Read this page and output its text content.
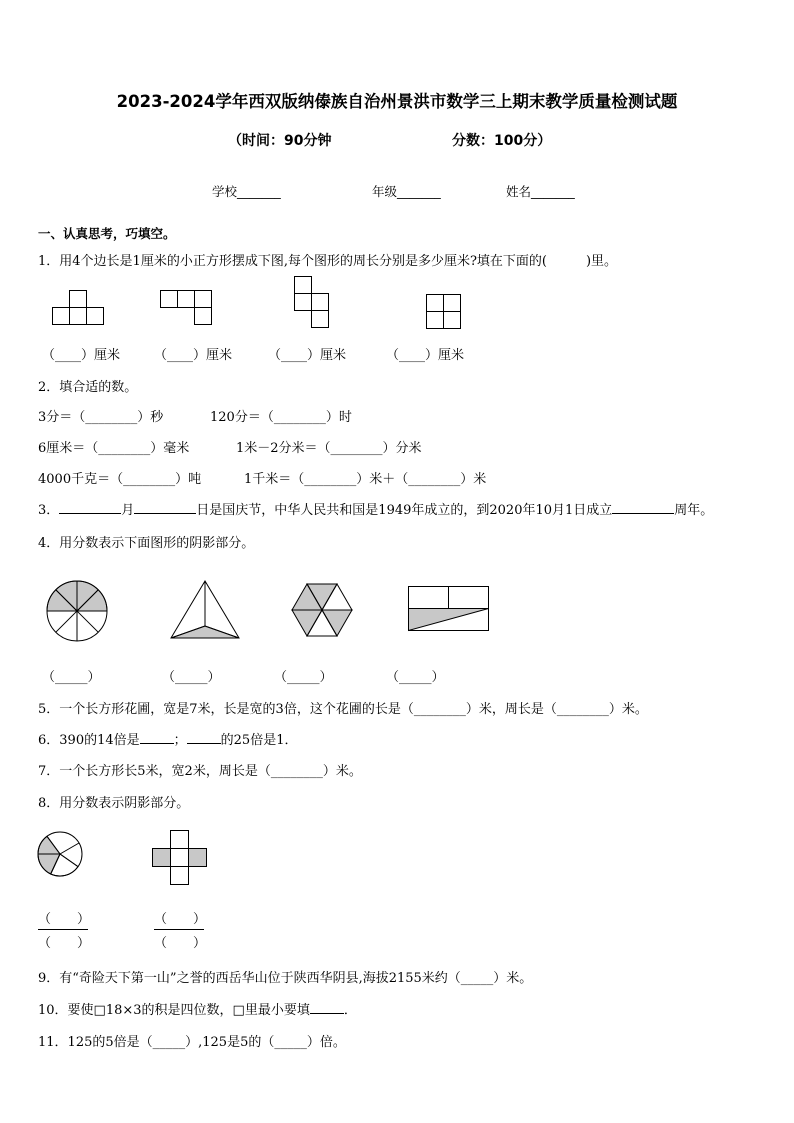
2023-2024学年西双版纳傣族自治州景洪市数学三上期末教学质量检测试题
（时间：90分钟	分数：100分）
学校_______	年级_______	姓名_______
一、认真思考，巧填空。
1．用4个边长是1厘米的小正方形摆成下图,每个图形的周长分别是多少厘米?填在下面的(　　　)里。
（____）厘米	（____）厘米	（____）厘米	（____）厘米
2．填合适的数。
3分＝（________）秒	120分＝（________）时
6厘米＝（________）毫米	1米－2分米＝（________）分米
4000千克＝（________）吨	1千米＝（________）米＋（________）米
3．	月	日是国庆节，中华人民共和国是1949年成立的，到2020年10月1日成立	周年。
4．用分数表示下面图形的阴影部分。
（_____）	（_____）	（_____）	（_____）
5．一个长方形花圃，宽是7米，长是宽的3倍，这个花圃的长是（________）米，周长是（________）米。
6．390的14倍是	；	的25倍是1．
7．一个长方形长5米，宽2米，周长是（________）米。
8．用分数表示阴影部分。
（　　）
（　　）
（　　）
（　　）
9．有“奇险天下第一山”之誉的西岳华山位于陕西华阴县,海拔2155米约（_____）米。
10．要使□18×3的积是四位数，□里最小要填	．
11．125的5倍是（_____）,125是5的（_____）倍。
